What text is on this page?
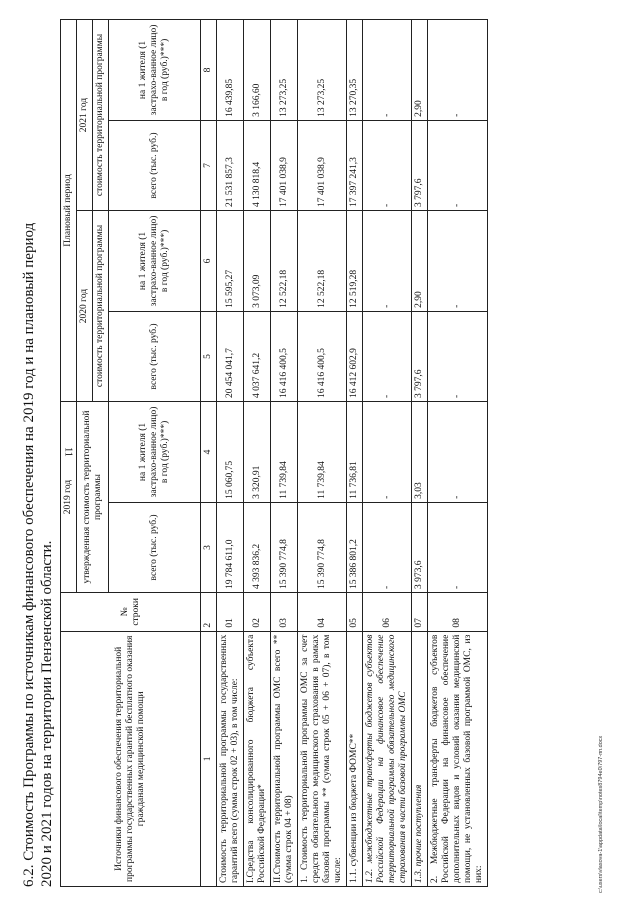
11

6.2. Стоимость Программы по источникам финансового обеспечения на 2019 год и на плановый период 2020 и 2021 годов на территории Пензенской области.	Источники финансового обеспечения территориальной программы государственных гарантий бесплатного оказания гражданам медицинской помощи	№ строки	2019 год		Плановый период			
		утвержденная стоимость территориальной программы		2020 год		2021 год	
				стоимость территориальной программы		стоимость территориальной программы	
		всего (тыс. руб.)	на 1 жителя (1 застрахо-ванное лицо) в год (руб.)***)	всего (тыс. руб.)	на 1 жителя (1 застрахо-ванное лицо) в год (руб.)***)	всего (тыс. руб.)	на 1 жителя (1 застрахо-ванное лицо) в год (руб.)***)
1	2	3	4	5	6	7	8
Стоимость территориальной программы государственных гарантий всего (сумма строк 02 + 03), в том числе:	01	19 784 611,0	15 060,75	20 454 041,7	15 595,27	21 531 857,3	16 439,85
I.Средства консолидированного бюджета субъекта Российской Федерации*	02	4 393 836,2	3 320,91	4 037 641,2	3 073,09	4 130 818,4	3 166,60
II.Стоимость территориальной программы ОМС всего ** (сумма строк 04 + 08)	03	15 390 774,8	11 739,84	16 416 400,5	12 522,18	17 401 038,9	13 273,25
1. Стоимость территориальной программы ОМС за счет средств обязательного медицинского страхования в рамках базовой программы ** (сумма строк 05 + 06 + 07), в том числе:	04	15 390 774,8	11 739,84	16 416 400,5	12 522,18	17 401 038,9	13 273,25
1.1. субвенции из бюджета ФОМС**	05	15 386 801,2	11 736,81	16 412 602,9	12 519,28	17 397 241,3	13 270,35
1.2. межбюджетные трансферты бюджетов субъектов Российской Федерации на финансовое обеспечение территориальной программы обязательного медицинского страхования в части базовой программы ОМС	06	-	-	-	-	-	-
1.3. прочие поступления	07	3 973,6	3,03	3 797,6	2,90	3 797,6	2,90
2. Межбюджетные трансферты бюджетов субъектов Российской Федерации на финансовое обеспечение дополнительных видов и условий оказания медицинской помощи, не установленных базовой программой ОМС, из них:	08	-	-	-	-	-	-
c:\users\vlasova-1\appdata\local\temp\notes8794e0\797-пп.docx
